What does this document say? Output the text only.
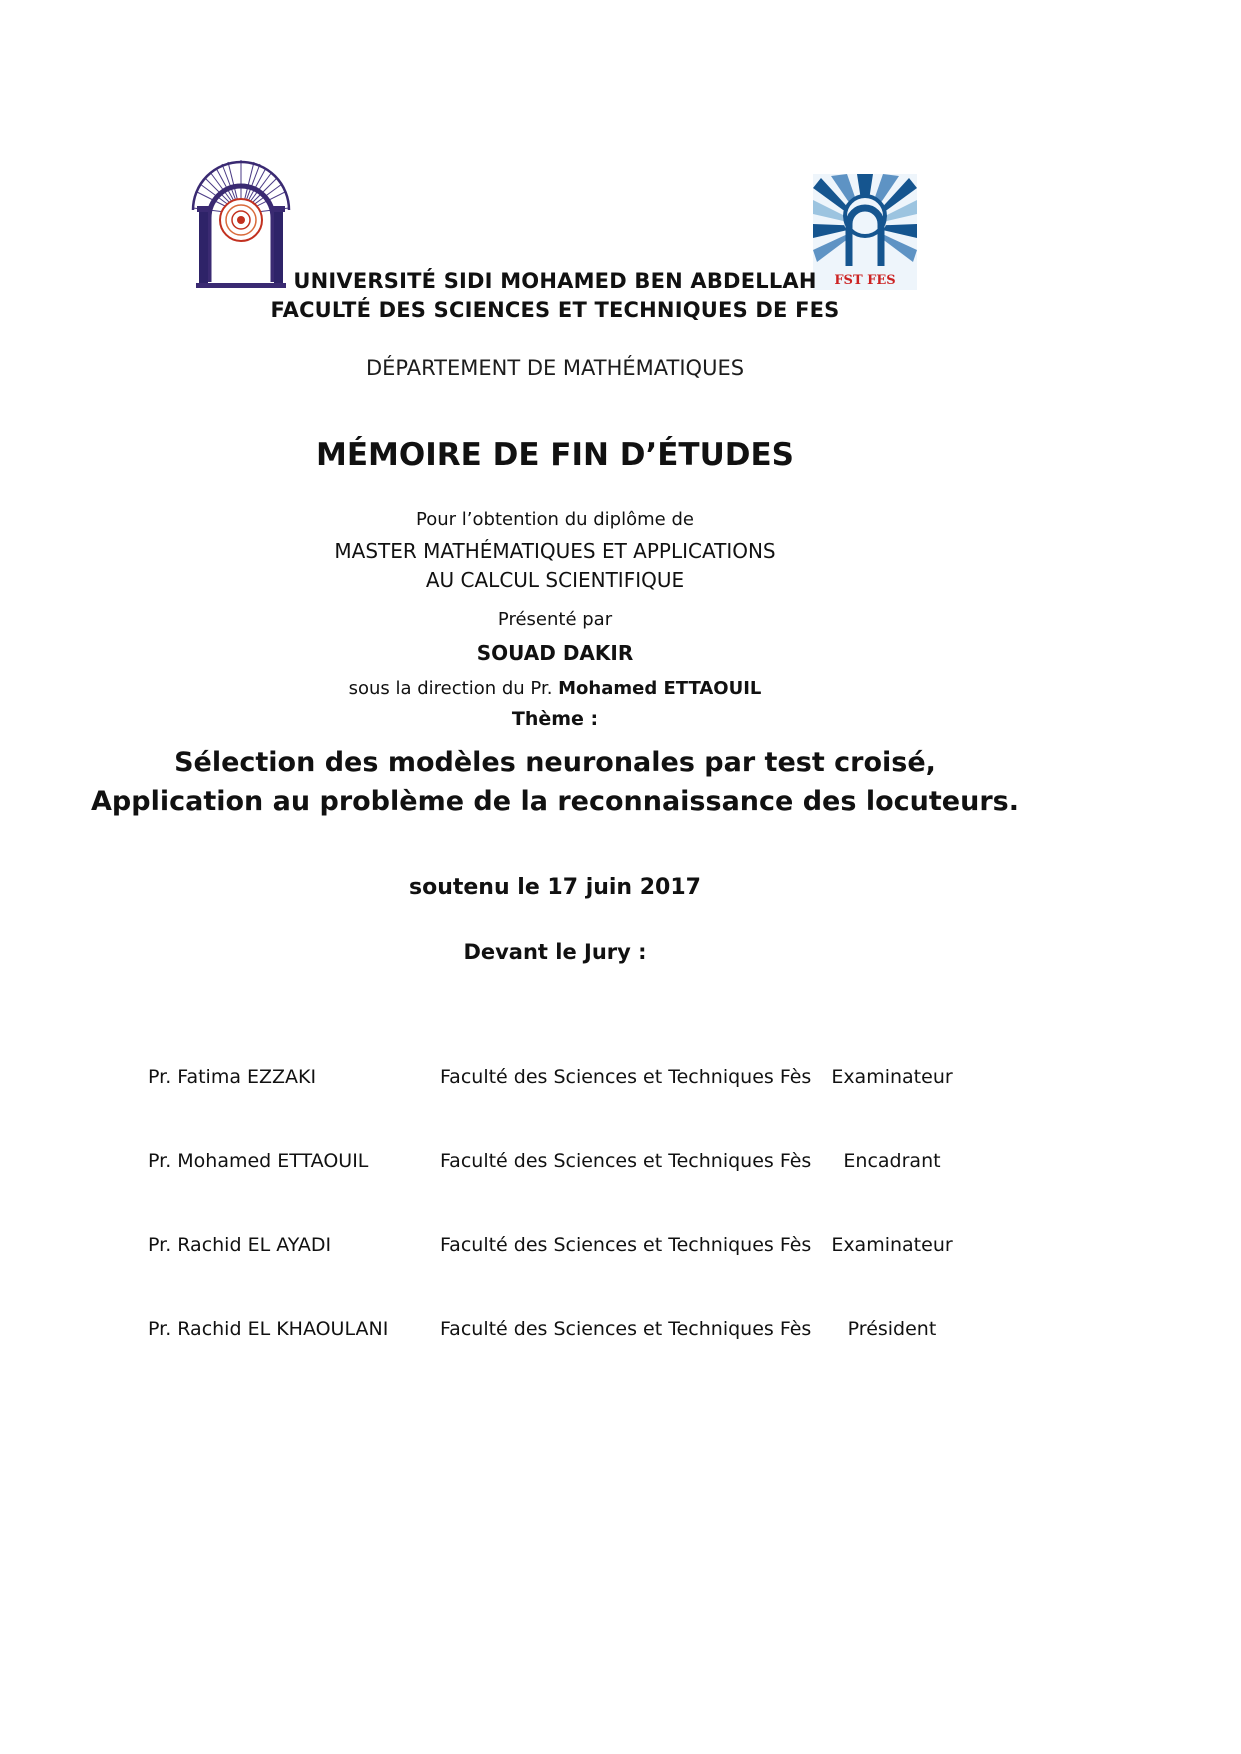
FST FES
UNIVERSITÉ SIDI MOHAMED BEN ABDELLAH
FACULTÉ DES SCIENCES ET TECHNIQUES DE FES
DÉPARTEMENT DE MATHÉMATIQUES
MÉMOIRE DE FIN D’ÉTUDES
Pour l’obtention du diplôme de
MASTER MATHÉMATIQUES ET APPLICATIONS
AU CALCUL SCIENTIFIQUE
Présenté par
SOUAD DAKIR
sous la direction du Pr. Mohamed ETTAOUIL
Thème :
Sélection des modèles neuronales par test croisé,
Application au problème de la reconnaissance des locuteurs.
soutenu le 17 juin 2017
Devant le Jury :
Pr. Fatima EZZAKI	Faculté des Sciences et Techniques Fès	Examinateur
Pr. Mohamed ETTAOUIL	Faculté des Sciences et Techniques Fès	Encadrant
Pr. Rachid EL AYADI	Faculté des Sciences et Techniques Fès	Examinateur
Pr. Rachid EL KHAOULANI	Faculté des Sciences et Techniques Fès	Président
